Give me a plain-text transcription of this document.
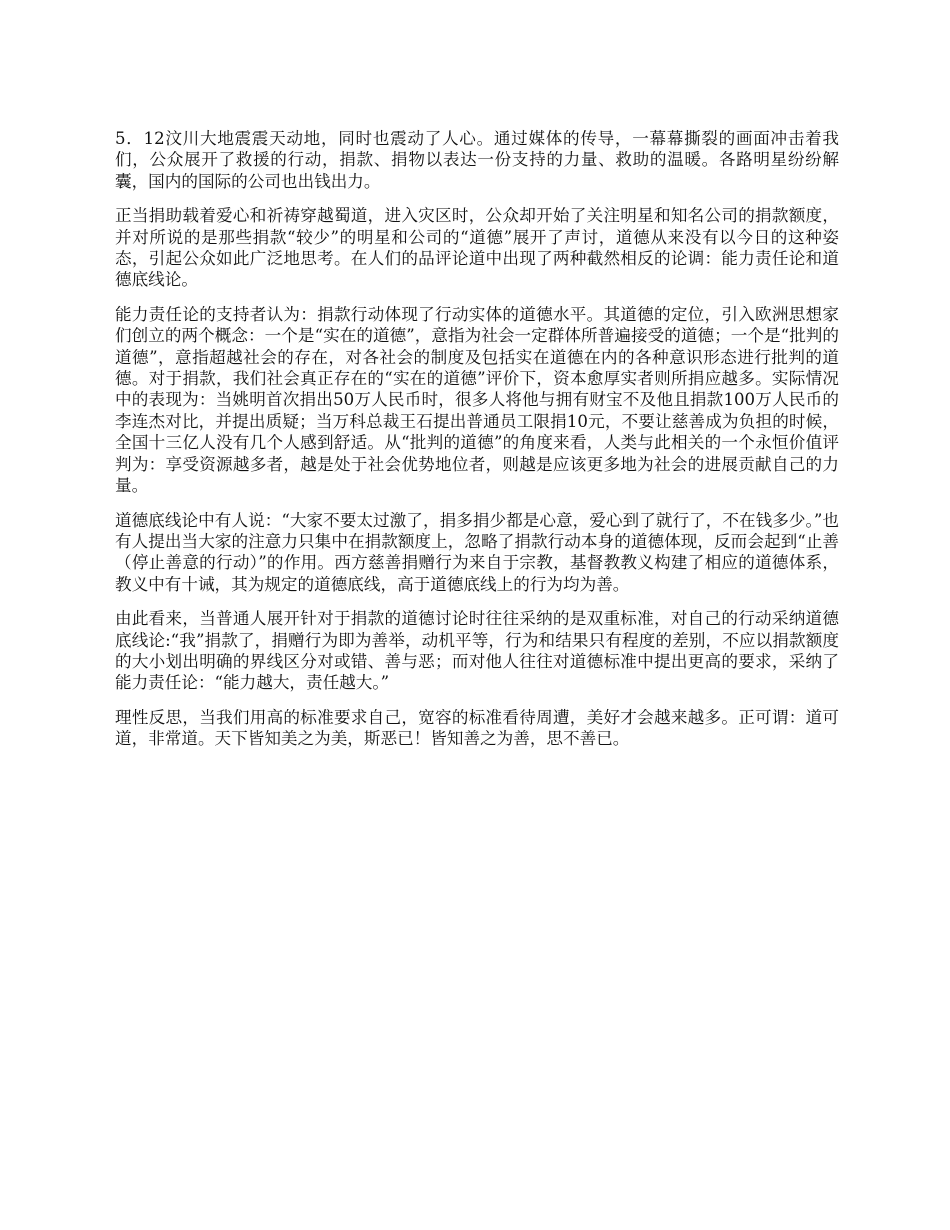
5．12汶川大地震震天动地，同时也震动了人心。通过媒体的传导，一幕幕撕裂的画面冲击着我们，公众展开了救援的行动，捐款、捐物以表达一份支持的力量、救助的温暖。各路明星纷纷解囊，国内的国际的公司也出钱出力。

正当捐助载着爱心和祈祷穿越蜀道，进入灾区时，公众却开始了关注明星和知名公司的捐款额度，并对所说的是那些捐款“较少”的明星和公司的“道德”展开了声讨，道德从来没有以今日的这种姿态，引起公众如此广泛地思考。在人们的品评论道中出现了两种截然相反的论调：能力责任论和道德底线论。

能力责任论的支持者认为：捐款行动体现了行动实体的道德水平。其道德的定位，引入欧洲思想家们创立的两个概念：一个是“实在的道德”，意指为社会一定群体所普遍接受的道德；一个是“批判的道德”，意指超越社会的存在，对各社会的制度及包括实在道德在内的各种意识形态进行批判的道德。对于捐款，我们社会真正存在的“实在的道德”评价下，资本愈厚实者则所捐应越多。实际情况中的表现为：当姚明首次捐出50万人民币时，很多人将他与拥有财宝不及他且捐款100万人民币的李连杰对比，并提出质疑；当万科总裁王石提出普通员工限捐10元，不要让慈善成为负担的时候，全国十三亿人没有几个人感到舒适。从“批判的道德”的角度来看，人类与此相关的一个永恒价值评判为：享受资源越多者，越是处于社会优势地位者，则越是应该更多地为社会的进展贡献自己的力量。

道德底线论中有人说：“大家不要太过激了，捐多捐少都是心意，爱心到了就行了，不在钱多少。”也有人提出当大家的注意力只集中在捐款额度上，忽略了捐款行动本身的道德体现，反而会起到“止善（停止善意的行动）”的作用。西方慈善捐赠行为来自于宗教，基督教教义构建了相应的道德体系，教义中有十诫，其为规定的道德底线，高于道德底线上的行为均为善。

由此看来，当普通人展开针对于捐款的道德讨论时往往采纳的是双重标准，对自己的行动采纳道德底线论:“我”捐款了，捐赠行为即为善举，动机平等，行为和结果只有程度的差别，不应以捐款额度的大小划出明确的界线区分对或错、善与恶；而对他人往往对道德标准中提出更高的要求，采纳了能力责任论：“能力越大，责任越大。”

理性反思，当我们用高的标准要求自己，宽容的标准看待周遭，美好才会越来越多。正可谓：道可道，非常道。天下皆知美之为美，斯恶已！皆知善之为善，思不善已。
